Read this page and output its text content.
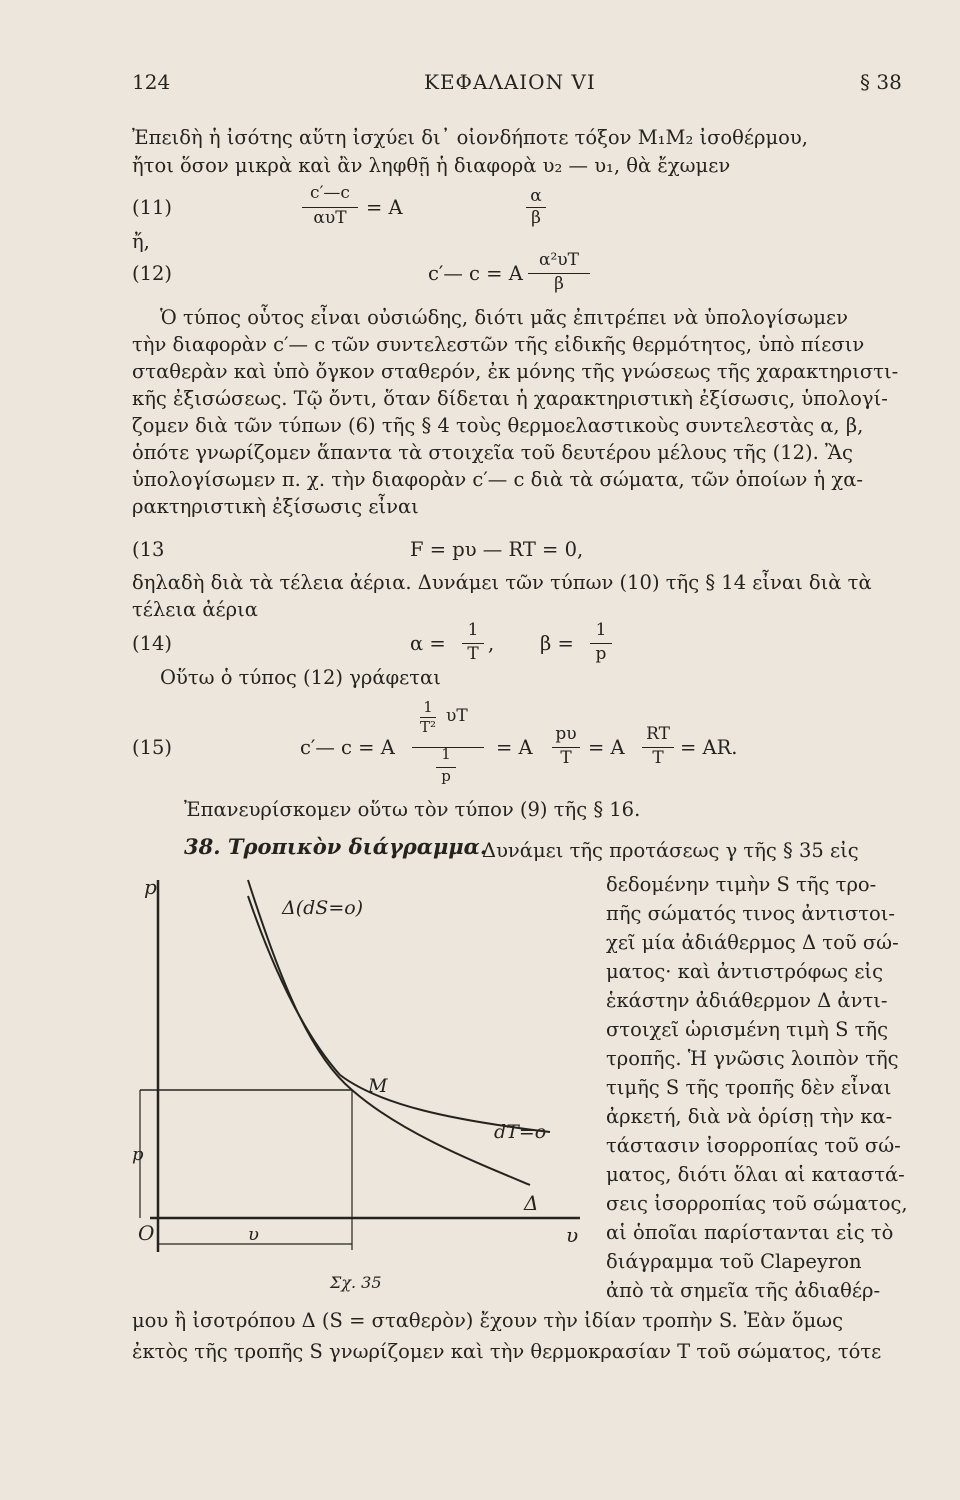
124	ΚΕΦΑΛΑΙΟΝ VI	§ 38
Ἐπειδὴ ἡ ἰσότης αὕτη ἰσχύει δι᾽ οἱονδήποτε τόξον M₁M₂ ἰσοθέρμου,
ἤτοι ὅσον μικρὰ καὶ ἂν ληφθῇ ἡ διαφορὰ υ₂ — υ₁, θὰ ἔχωμεν
(11)
c′—c
αυT = A	α
β
ἤ,
(12)	c′— c = A
α²υT
β
Ὁ τύπος οὗτος εἶναι οὐσιώδης, διότι μᾶς ἐπιτρέπει νὰ ὑπολογίσωμεν
τὴν διαφορὰν c′— c τῶν συντελεστῶν τῆς εἰδικῆς θερμότητος, ὑπὸ πίεσιν
σταθερὰν καὶ ὑπὸ ὄγκον σταθερόν, ἐκ μόνης τῆς γνώσεως τῆς χαρακτηριστι-
κῆς ἐξισώσεως. Τῷ ὄντι, ὅταν δίδεται ἡ χαρακτηριστικὴ ἐξίσωσις, ὑπολογί-
ζομεν διὰ τῶν τύπων (6) τῆς § 4 τοὺς θερμοελαστικοὺς συντελεστὰς α, β,
ὁπότε γνωρίζομεν ἅπαντα τὰ στοιχεῖα τοῦ δευτέρου μέλους τῆς (12). Ἂς
ὑπολογίσωμεν π. χ. τὴν διαφορὰν c′— c διὰ τὰ σώματα, τῶν ὁποίων ἡ χα-
ρακτηριστικὴ ἐξίσωσις εἶναι
(13	F = pυ — RT = 0,
δηλαδὴ διὰ τὰ τέλεια ἀέρια. Δυνάμει τῶν τύπων (10) τῆς § 14 εἶναι διὰ τὰ
τέλεια ἀέρια
(14)	α =
1
T , β =
1
p
Οὕτω ὁ τύπος (12) γράφεται
(15)	c′— c = A
1
T²
υT
1
p
= A
pυ
T = A
RT
T = AR.
Ἐπανευρίσκομεν οὕτω τὸν τύπον (9) τῆς § 16.
38. Τροπικὸν διάγραμμα.
Δυνάμει τῆς προτάσεως γ τῆς § 35 εἰς
δεδομένην τιμὴν S τῆς τρο-
πῆς σώματός τινος ἀντιστοι-
χεῖ μία ἀδιάθερμος Δ τοῦ σώ-
ματος· καὶ ἀντιστρόφως εἰς
ἑκάστην ἀδιάθερμον Δ ἀντι-
στοιχεῖ ὡρισμένη τιμὴ S τῆς
τροπῆς. Ἡ γνῶσις λοιπὸν τῆς
τιμῆς S τῆς τροπῆς δὲν εἶναι
ἀρκετή, διὰ νὰ ὁρίσῃ τὴν κα-
τάστασιν ἰσορροπίας τοῦ σώ-
ματος, διότι ὅλαι αἱ καταστά-
σεις ἰσορροπίας τοῦ σώματος,
αἱ ὁποῖαι παρίστανται εἰς τὸ
διάγραμμα τοῦ Clapeyron
ἀπὸ τὰ σημεῖα τῆς ἀδιαθέρ-
p
O	υ
Δ(dS=o)
M
dT=o
Δ
p
υ
Σχ. 35
μου ἢ ἰσοτρόπου Δ (S = σταθερὸν) ἔχουν τὴν ἰδίαν τροπὴν S. Ἐὰν ὅμως
ἐκτὸς τῆς τροπῆς S γνωρίζομεν καὶ τὴν θερμοκρασίαν T τοῦ σώματος, τότε
